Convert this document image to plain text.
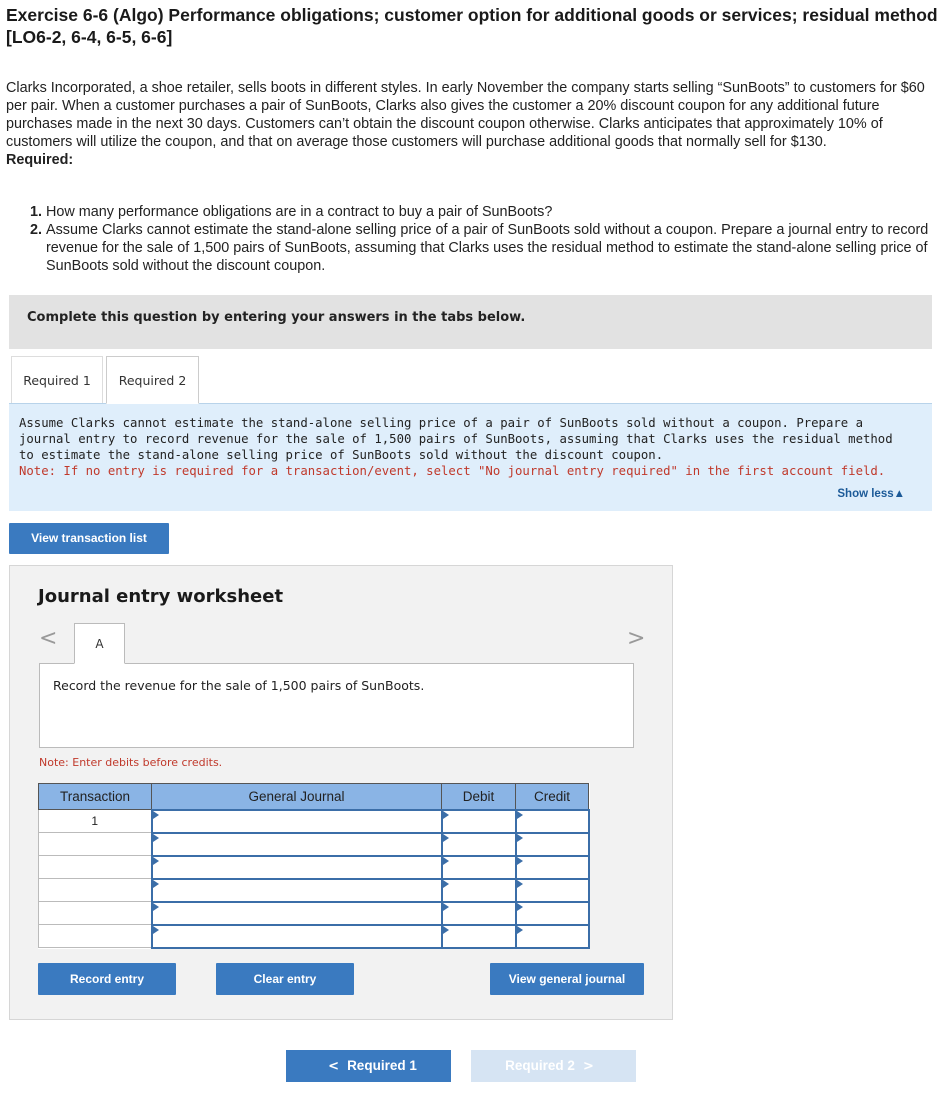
Exercise 6-6 (Algo) Performance obligations; customer option for additional goods or services; residual method [LO6-2, 6-4, 6-5, 6-6]

Clarks Incorporated, a shoe retailer, sells boots in different styles. In early November the company starts selling “SunBoots” to customers for $60 per pair. When a customer purchases a pair of SunBoots, Clarks also gives the customer a 20% discount coupon for any additional future purchases made in the next 30 days. Customers can’t obtain the discount coupon otherwise. Clarks anticipates that approximately 10% of customers will utilize the coupon, and that on average those customers will purchase additional goods that normally sell for $130.

Required:

1. How many performance obligations are in a contract to buy a pair of SunBoots?
2. Assume Clarks cannot estimate the stand-alone selling price of a pair of SunBoots sold without a coupon. Prepare a journal entry to record revenue for the sale of 1,500 pairs of SunBoots, assuming that Clarks uses the residual method to estimate the stand-alone selling price of SunBoots sold without the discount coupon.
Complete this question by entering your answers in the tabs below.
Required 1	Required 2
Assume Clarks cannot estimate the stand-alone selling price of a pair of SunBoots sold without a coupon. Prepare a journal entry to record revenue for the sale of 1,500 pairs of SunBoots, assuming that Clarks uses the residual method to estimate the stand-alone selling price of SunBoots sold without the discount coupon.
Note: If no entry is required for a transaction/event, select "No journal entry required" in the first account field.
Show less▲
View transaction list
Journal entry worksheet
<	>
A
Record the revenue for the sale of 1,500 pairs of SunBoots.
Note: Enter debits before credits.
Transaction	General Journal	Debit	Credit
1			

Record entry	Clear entry	View general journal
< Required 1	Required 2 >
